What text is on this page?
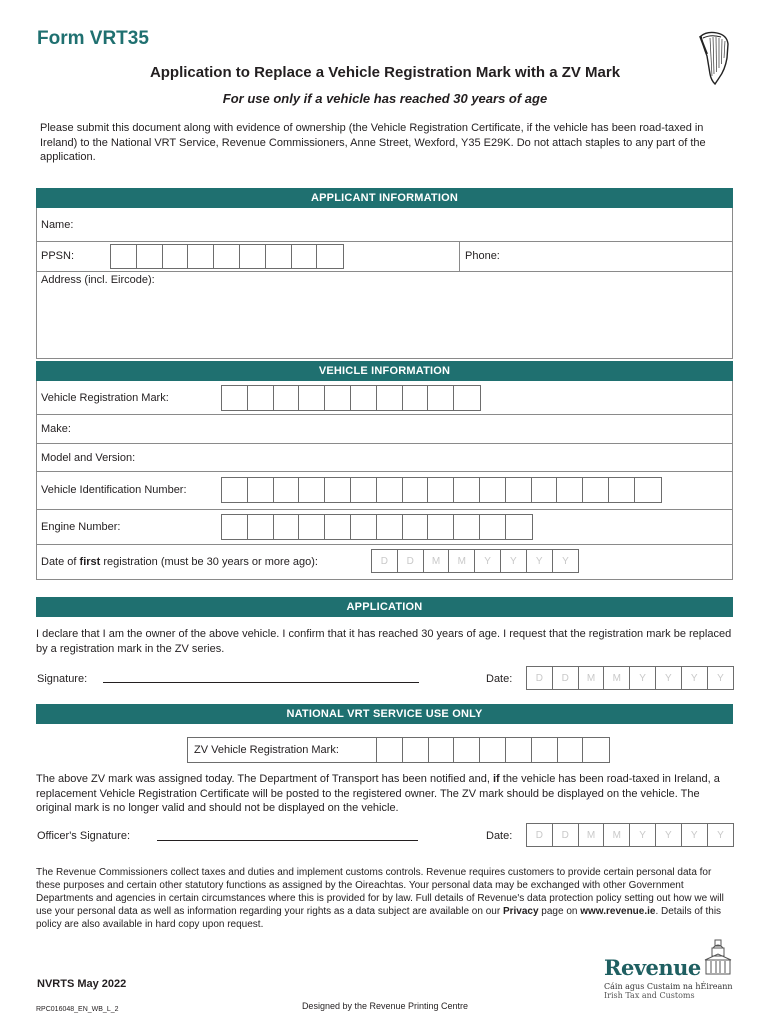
Form VRT35
Application to Replace a Vehicle Registration Mark with a ZV Mark
For use only if a vehicle has reached 30 years of age
Please submit this document along with evidence of ownership (the Vehicle Registration Certificate, if the vehicle has been road-taxed in Ireland) to the National VRT Service, Revenue Commissioners, Anne Street, Wexford, Y35 E29K. Do not attach staples to any part of the application.
APPLICANT INFORMATION
Name:
PPSN:	Phone:
Address (incl. Eircode):
VEHICLE INFORMATION
Vehicle Registration Mark:
Make:
Model and Version:
Vehicle Identification Number:
Engine Number:
Date of first registration (must be 30 years or more ago):	D	D	M	M	Y	Y	Y	Y
APPLICATION
I declare that I am the owner of the above vehicle. I confirm that it has reached 30 years of age. I request that the registration mark be replaced by a registration mark in the ZV series.
Signature:	Date:	D	D	M	M	Y	Y	Y	Y
NATIONAL VRT SERVICE USE ONLY
ZV Vehicle Registration Mark:
The above ZV mark was assigned today. The Department of Transport has been notified and, if the vehicle has been road-taxed in Ireland, a replacement Vehicle Registration Certificate will be posted to the registered owner. The ZV mark should be displayed on the vehicle. The original mark is no longer valid and should not be displayed on the vehicle.
Officer's Signature:	Date:	D	D	M	M	Y	Y	Y	Y
The Revenue Commissioners collect taxes and duties and implement customs controls. Revenue requires customers to provide certain personal data for these purposes and certain other statutory functions as assigned by the Oireachtas. Your personal data may be exchanged with other Government Departments and agencies in certain circumstances where this is provided for by law. Full details of Revenue's data protection policy setting out how we will use your personal data as well as information regarding your rights as a data subject are available on our Privacy page on www.revenue.ie. Details of this policy are also available in hard copy upon request.
NVRTS May 2022
RPC016048_EN_WB_L_2	Designed by the Revenue Printing Centre
Revenue
Cáin agus Custaim na hÉireann
Irish Tax and Customs
